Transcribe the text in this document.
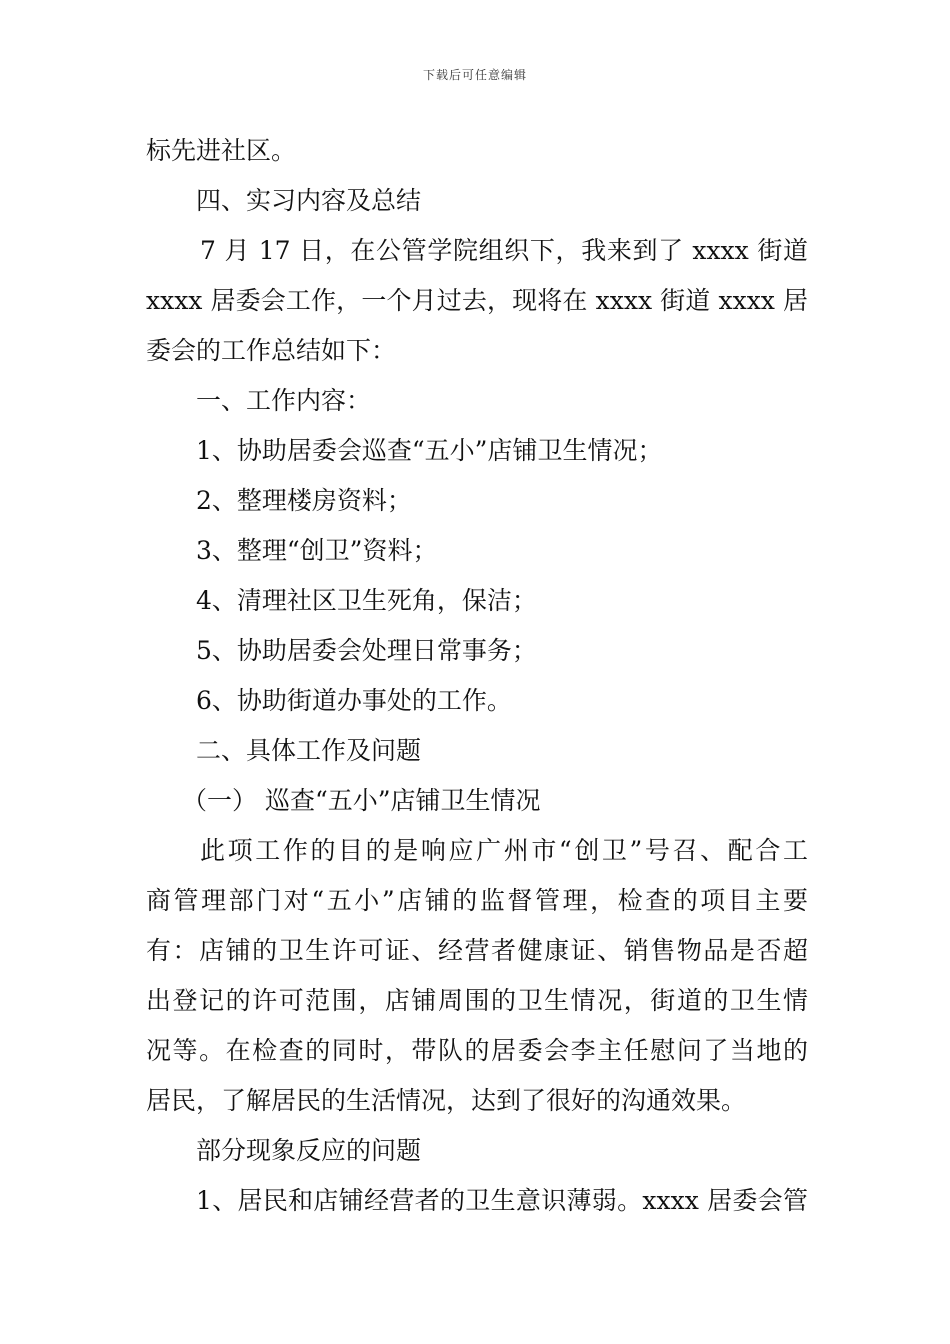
下载后可任意编辑
标先进社区。
四、实习内容及总结
7 月 17 日，在公管学院组织下，我来到了 xxxx 街道
xxxx 居委会工作，一个月过去，现将在 xxxx 街道 xxxx 居
委会的工作总结如下：
一、工作内容：
1、协助居委会巡查“五小”店铺卫生情况；
2、整理楼房资料；
3、整理“创卫”资料；
4、清理社区卫生死角，保洁；
5、协助居委会处理日常事务；
6、协助街道办事处的工作。
二、具体工作及问题
（一） 巡查“五小”店铺卫生情况
此项工作的目的是响应广州市“创卫”号召、配合工
商管理部门对“五小”店铺的监督管理，检查的项目主要
有：店铺的卫生许可证、经营者健康证、销售物品是否超
出登记的许可范围，店铺周围的卫生情况，街道的卫生情
况等。在检查的同时，带队的居委会李主任慰问了当地的
居民，了解居民的生活情况，达到了很好的沟通效果。
部分现象反应的问题
1、居民和店铺经营者的卫生意识薄弱。xxxx 居委会管
